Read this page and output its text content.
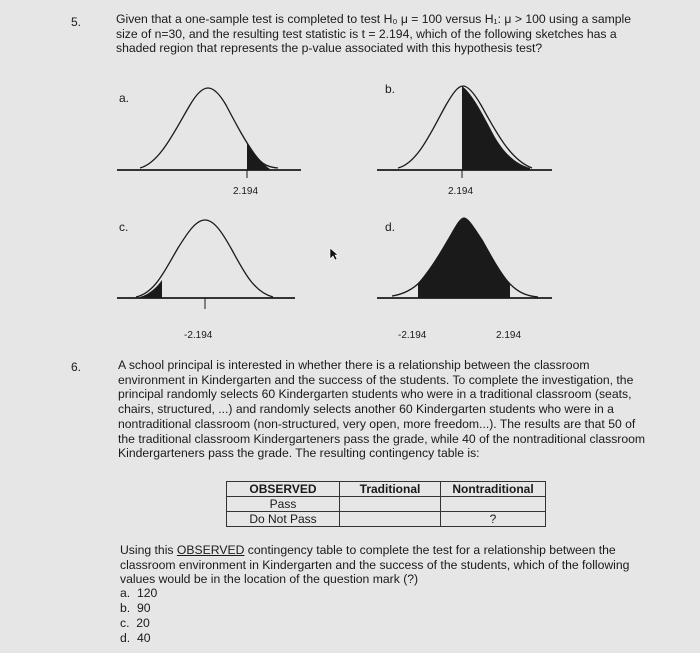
5.	Given that a one-sample test is completed to test H₀ μ = 100 versus H₁: μ > 100 using a sample
size of n=30, and the resulting test statistic is t = 2.194, which of the following sketches has a
shaded region that represents the p-value associated with this hypothesis test?
a.
b.
c.	d.
2.194	2.194
-2.194	-2.194	2.194
6.	A school principal is interested in whether there is a relationship between the classroom
environment in Kindergarten and the success of the students. To complete the investigation, the
principal randomly selects 60 Kindergarten students who were in a traditional classroom (seats,
chairs, structured, ...) and randomly selects another 60 Kindergarten students who were in a
nontraditional classroom (non-structured, very open, more freedom...). The results are that 50 of
the traditional classroom Kindergarteners pass the grade, while 40 of the nontraditional classroom
Kindergarteners pass the grade. The resulting contingency table is:
OBSERVED	Traditional	Nontraditional
Pass		
Do Not Pass		?
Using this OBSERVED contingency table to complete the test for a relationship between the
classroom environment in Kindergarten and the success of the students, which of the following
values would be in the location of the question mark (?)
a. 120
b. 90
c. 20
d. 40
